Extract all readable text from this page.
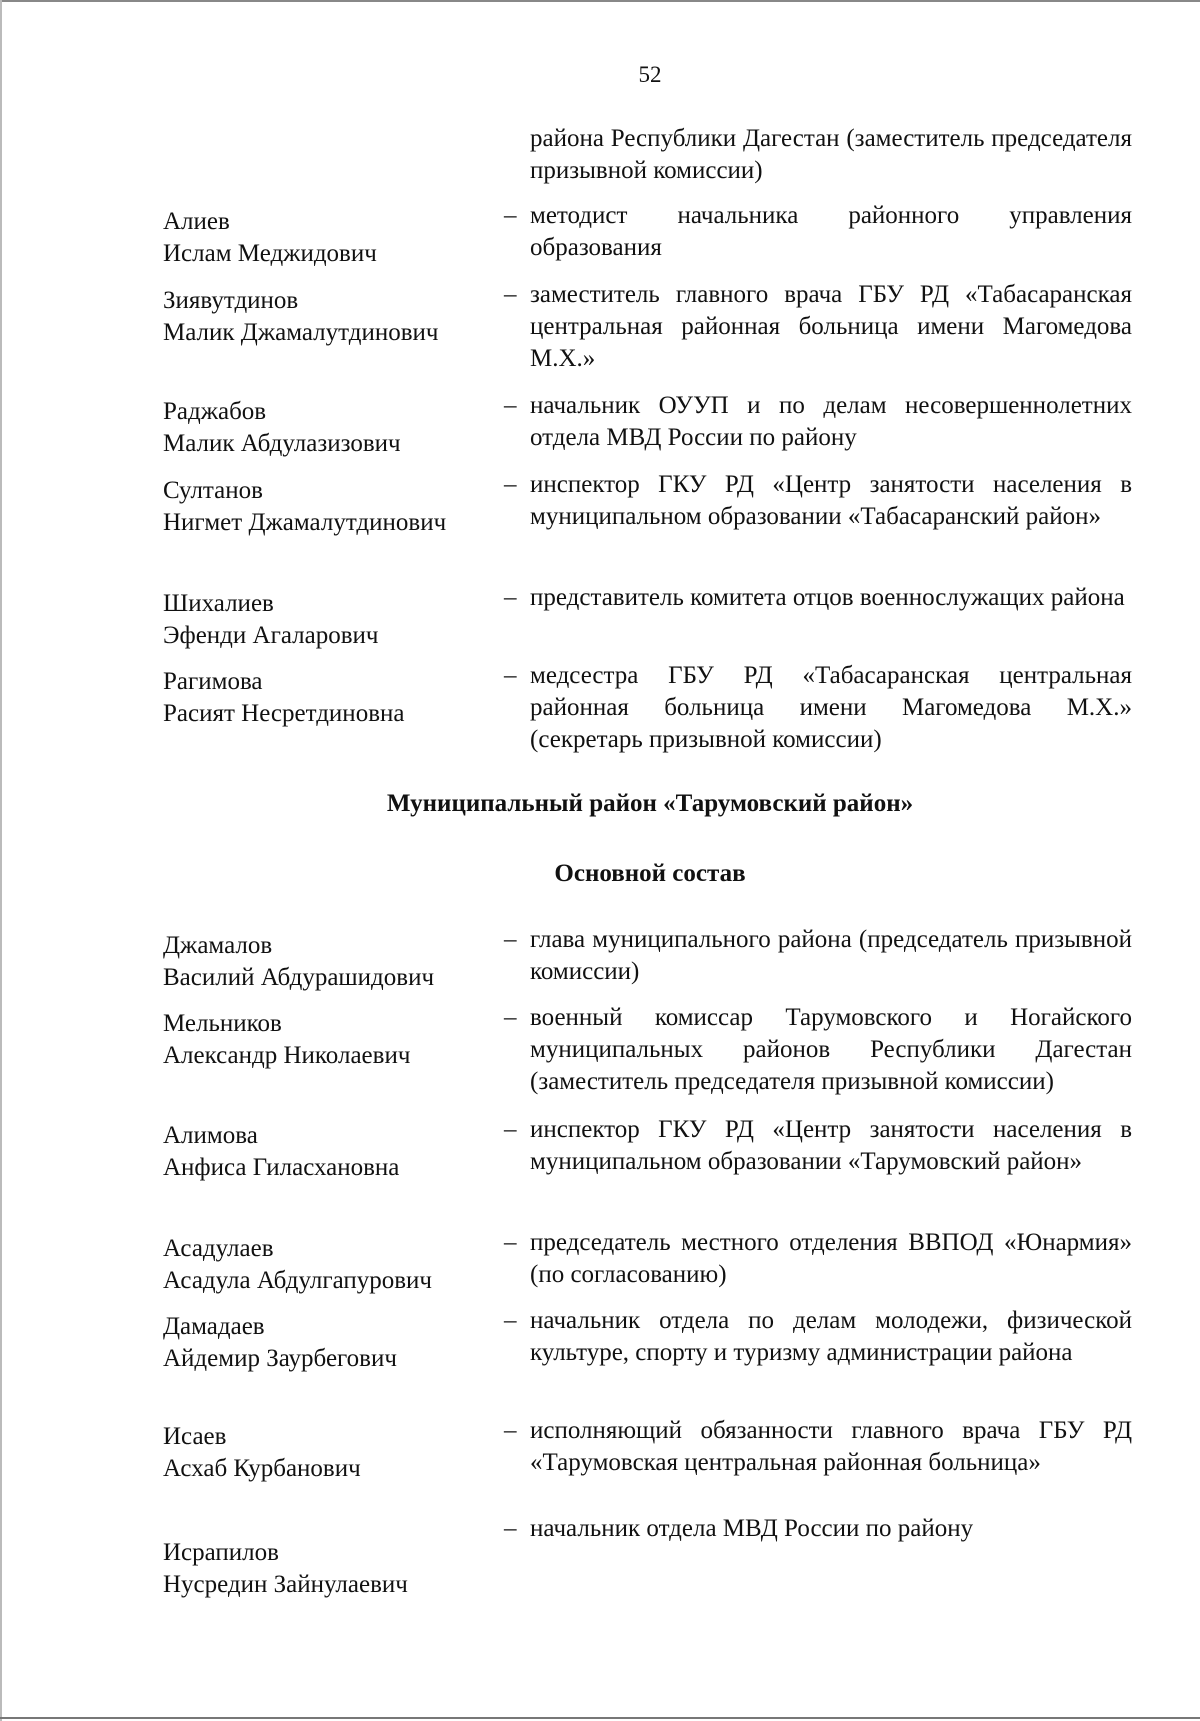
52
района Республики Дагестан (заместитель председателя призывной комиссии)
Алиев
Ислам Меджидович
– методист начальника районного управления образования
Зиявутдинов
Малик Джамалутдинович
– заместитель главного врача ГБУ РД «Табасаранская центральная районная больница имени Магомедова М.Х.»
Раджабов
Малик Абдулазизович
– начальник ОУУП и по делам несовершеннолетних отдела МВД России по району
Султанов
Нигмет Джамалутдинович
– инспектор ГКУ РД «Центр занятости населения в муниципальном образовании «Табасаранский район»
Шихалиев
Эфенди Агаларович
– представитель комитета отцов военнослужащих района
Рагимова
Расият Несретдиновна
– медсестра ГБУ РД «Табасаранская центральная районная больница имени Магомедова М.Х.» (секретарь призывной комиссии)
Муниципальный район «Тарумовский район»
Основной состав
Джамалов
Василий Абдурашидович
– глава муниципального района (председатель призывной комиссии)
Мельников
Александр Николаевич
– военный комиссар Тарумовского и Ногайского муниципальных районов Республики Дагестан (заместитель председателя призывной комиссии)
Алимова
Анфиса Гиласхановна
– инспектор ГКУ РД «Центр занятости населения в муниципальном образовании «Тарумовский район»
Асадулаев
Асадула Абдулгапурович
– председатель местного отделения ВВПОД «Юнармия» (по согласованию)
Дамадаев
Айдемир Заурбегович
– начальник отдела по делам молодежи, физической культуре, спорту и туризму администрации района
Исаев
Асхаб Курбанович
– исполняющий обязанности главного врача ГБУ РД «Тарумовская центральная районная больница»
Исрапилов
Нусредин Зайнулаевич
– начальник отдела МВД России по району
